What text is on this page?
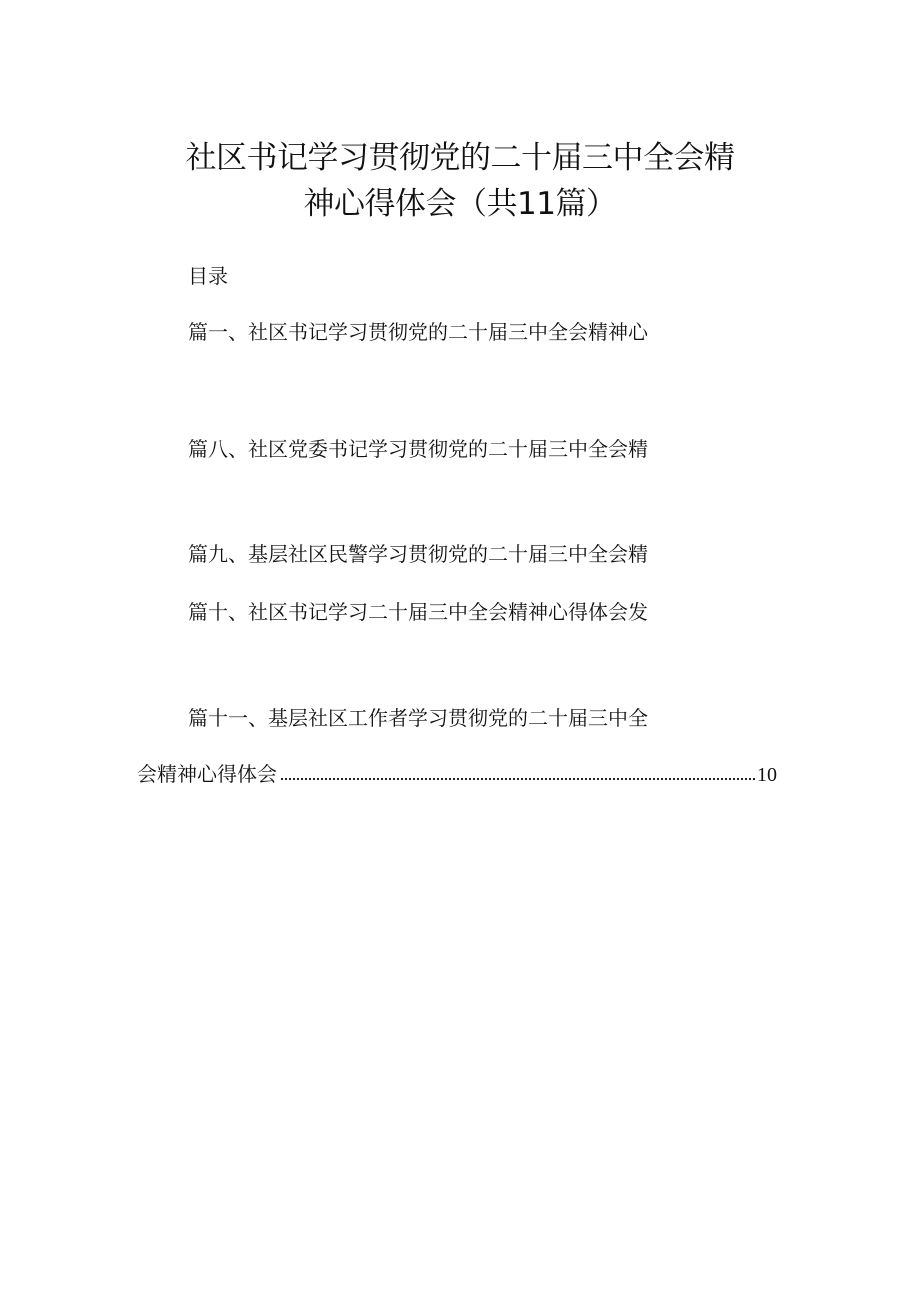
社区书记学习贯彻党的二十届三中全会精
神心得体会（共11篇）
目录
篇一、社区书记学习贯彻党的二十届三中全会精神心
篇八、社区党委书记学习贯彻党的二十届三中全会精
篇九、基层社区民警学习贯彻党的二十届三中全会精
篇十、社区书记学习二十届三中全会精神心得体会发
篇十一、基层社区工作者学习贯彻党的二十届三中全
会精神心得体会	10
